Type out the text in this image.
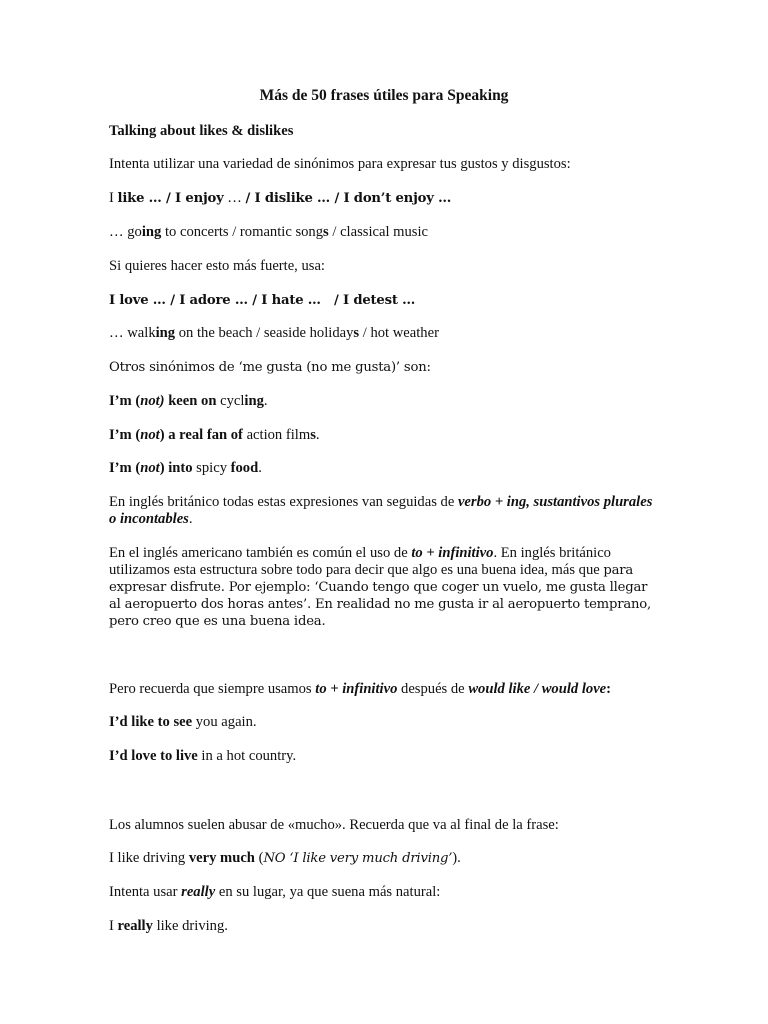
Más de 50 frases útiles para Speaking

Talking about likes & dislikes

Intenta utilizar una variedad de sinónimos para expresar tus gustos y disgustos:

I like … / I enjoy … / I dislike … / I don’t enjoy …

… going to concerts / romantic songs / classical music

Si quieres hacer esto más fuerte, usa:

I love … / I adore … / I hate …   / I detest …

… walking on the beach / seaside holidays / hot weather

Otros sinónimos de ‘me gusta (no me gusta)’ son:

I’m (not) keen on cycling.

I’m (not) a real fan of action films.

I’m (not) into spicy food.

En inglés británico todas estas expresiones van seguidas de verbo + ing, sustantivos plurales o incontables.

En el inglés americano también es común el uso de to + infinitivo. En inglés británico utilizamos esta estructura sobre todo para decir que algo es una buena idea, más que para expresar disfrute. Por ejemplo: ‘Cuando tengo que coger un vuelo, me gusta llegar al aeropuerto dos horas antes’. En realidad no me gusta ir al aeropuerto temprano, pero creo que es una buena idea.

Pero recuerda que siempre usamos to + infinitivo después de would like / would love:

I’d like to see you again.

I’d love to live in a hot country.

Los alumnos suelen abusar de «mucho». Recuerda que va al final de la frase:

I like driving very much (NO ‘I like very much driving’).

Intenta usar really en su lugar, ya que suena más natural:

I really like driving.
